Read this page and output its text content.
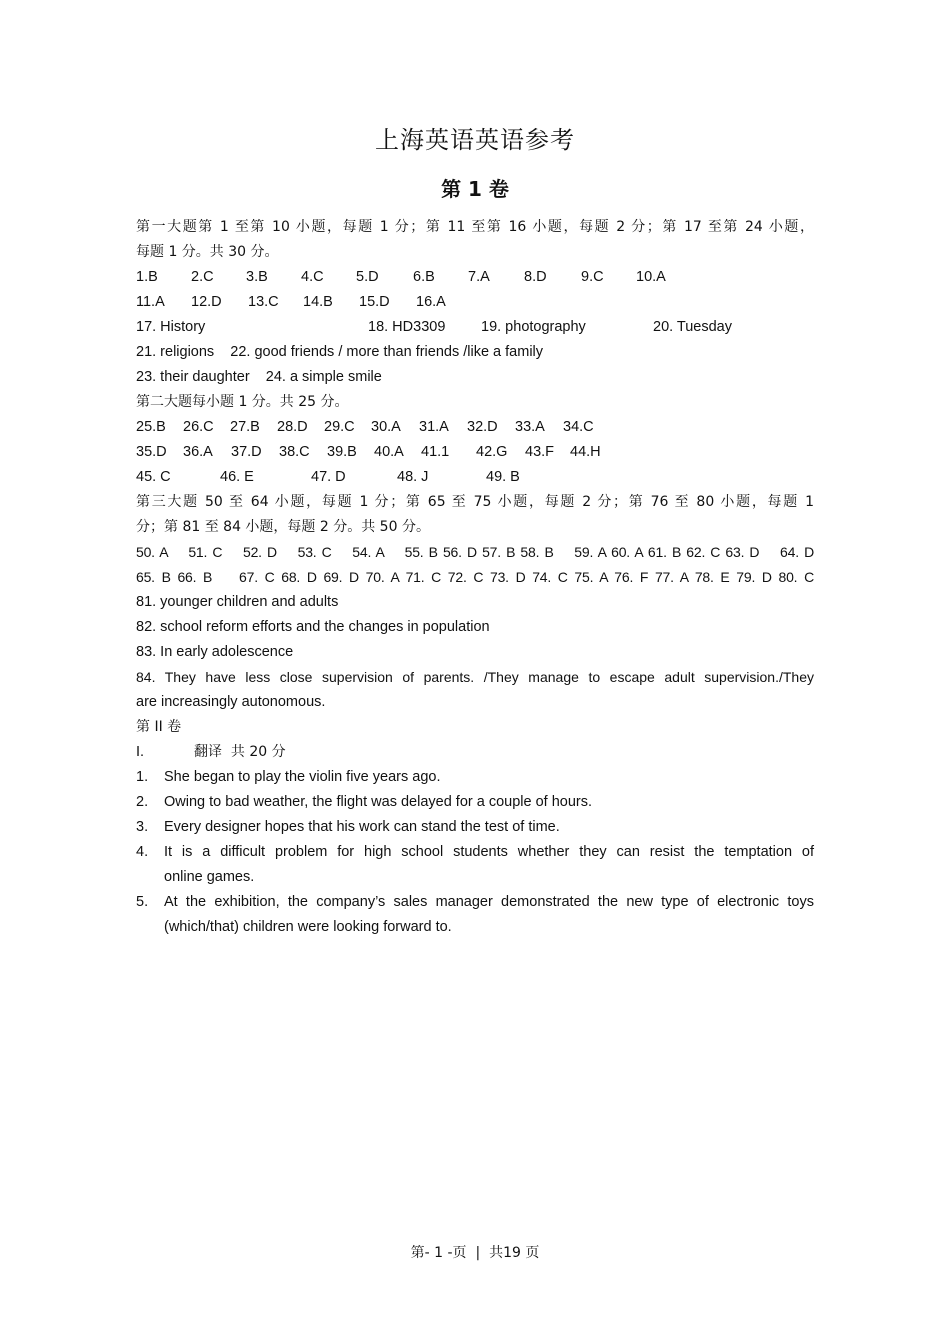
上海英语英语参考
第 1 卷
第一大题第 1 至第 10 小题，每题 1 分；第 11 至第 16 小题，每题 2 分；第 17 至第 24 小题，
每题 1 分。共 30 分。
1.B 2.C 3.B 4.C 5.D 6.B 7.A 8.D 9.C 10.A
11.A 12.D 13.C 14.B 15.D 16.A
17. History	18. HD3309 19. photography	20. Tuesday
21. religions    22. good friends / more than friends /like a family
23. their daughter    24. a simple smile
第二大题每小题 1 分。共 25 分。
25.B 26.C 27.B 28.D 29.C 30.A 31.A 32.D 33.A 34.C
35.D 36.A 37.D 38.C 39.B 40.A 41.1 42.G 43.F 44.H
45. C	46. E	47. D	48. J	49. B
第三大题 50 至 64 小题，每题 1 分；第 65 至 75 小题，每题 2 分；第 76 至 80 小题，每题 1
分；第 81 至 84 小题，每题 2 分。共 50 分。
50. A    51. C    52. D    53. C    54. A    55. B 56. D 57. B 58. B    59. A 60. A 61. B 62. C 63. D    64. D
65. B 66. B    67. C 68. D 69. D 70. A 71. C 72. C 73. D 74. C 75. A 76. F 77. A 78. E 79. D 80. C
81. younger children and adults
82. school reform efforts and the changes in population
83. In early adolescence
84. They have less close supervision of parents. /They manage to escape adult supervision./They
are increasingly autonomous.
第 II 卷
I.	翻译  共 20 分
1. She began to play the violin five years ago.
2. Owing to bad weather, the flight was delayed for a couple of hours.
3. Every designer hopes that his work can stand the test of time.
4. It is a difficult problem for high school students whether they can resist the temptation of
online games.
5. At the exhibition, the company’s sales manager demonstrated the new type of electronic toys
(which/that) children were looking forward to.
第- 1 -页  |  共19 页
